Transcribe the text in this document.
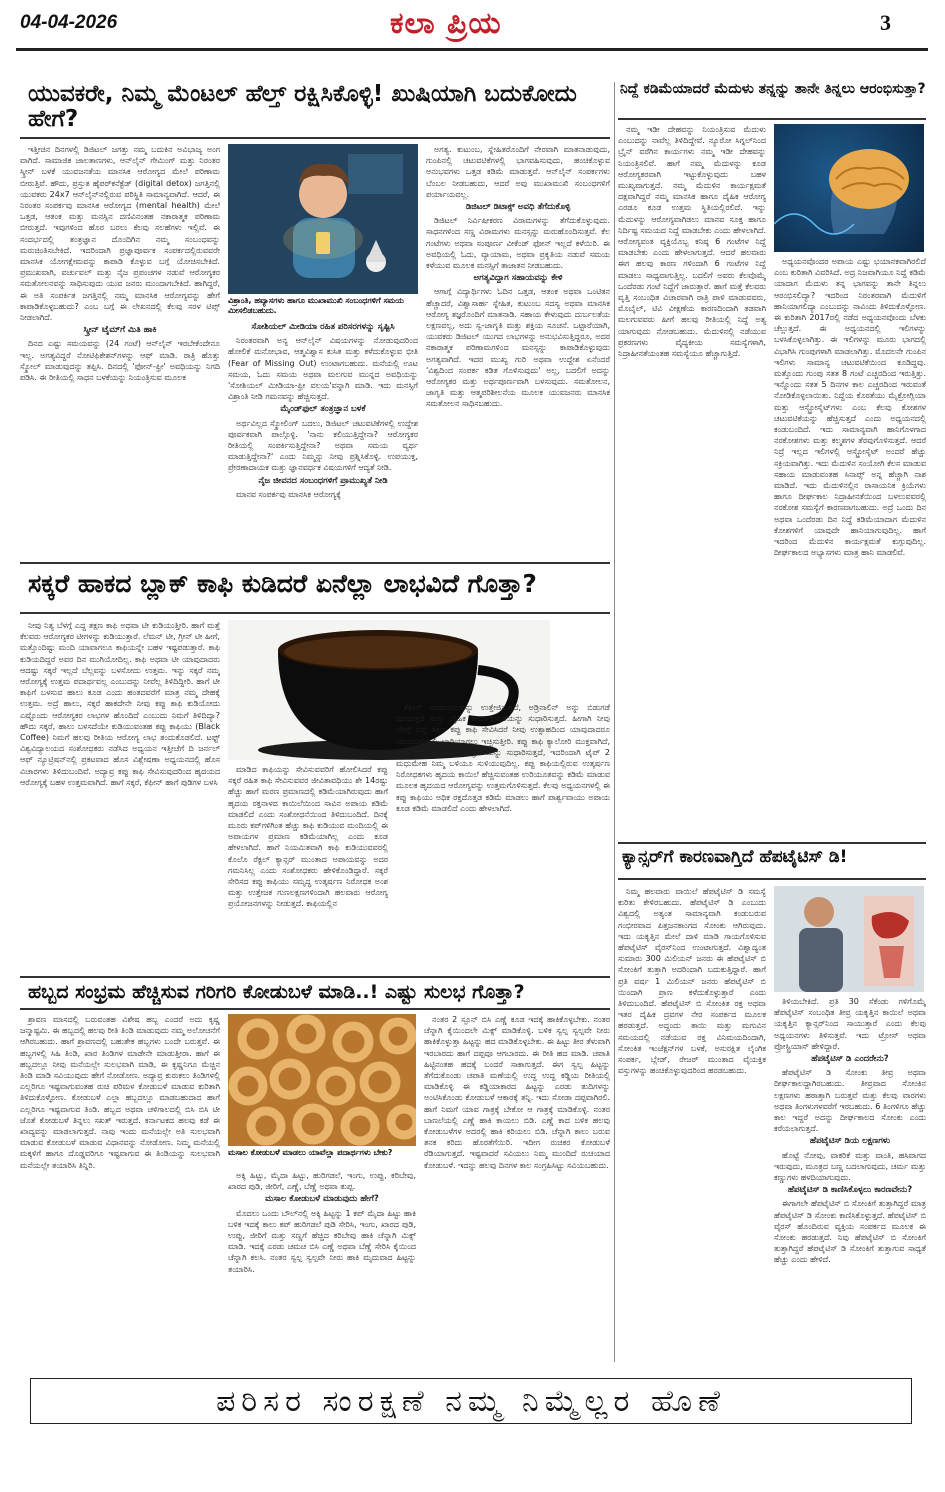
04-04-2026	ಕಲಾ ಪ್ರಿಯ	3
ಯುವಕರೇ, ನಿಮ್ಮ ಮೆಂಟಲ್ ಹೆಲ್ತ್ ರಕ್ಷಿಸಿಕೊಳ್ಳಿ! ಖುಷಿಯಾಗಿ ಬದುಕೋದು ಹೇಗೆ?

ಇತ್ತೀಚಿನ ದಿನಗಳಲ್ಲಿ ಡಿಜಿಟಲ್ ಜಗತ್ತು ನಮ್ಮ ಬದುಕಿನ ಅವಿಭಾಜ್ಯ ಅಂಗ ವಾಗಿದೆ. ಸಾಮಾಜಿಕ ಜಾಲತಾಣಗಳು, ಆನ್‌ಲೈನ್ ಗೇಮಿಂಗ್ ಮತ್ತು ನಿರಂತರ ಸ್ಕ್ರೀನ್ ಬಳಕೆ ಯುವಜನತೆಯ ಮಾನಸಿಕ ಆರೋಗ್ಯದ ಮೇಲೆ ಪರಿಣಾಮ ಬೀರುತ್ತಿವೆ. ಹೌದು, ಪ್ರಸ್ತುತ ಹೈಪರ್‌ಕನೆಕ್ಟೆಡ್ (digital detox) ಜಗತ್ತಿನಲ್ಲಿ ಯುವಕರು 24x7 ಆನ್‌ಲೈನ್‌ನಲ್ಲಿರುವ ಪರಿಸ್ಥಿತಿ ಸಾಮಾನ್ಯವಾಗಿದೆ. ಆದರೆ, ಈ ನಿರಂತರ ಸಂಪರ್ಕವು ಮಾನಸಿಕ ಆರೋಗ್ಯದ (mental health) ಮೇಲೆ ಒತ್ತಡ, ಆತಂಕ ಮತ್ತು ಮನಸ್ಸಿನ ದಣಿವಿನಂತಹ ನಕಾರಾತ್ಮಕ ಪರಿಣಾಮ ಬೀರುತ್ತದೆ. ಇವುಗಳಿಂದ ಹೊರ ಬರಲು ಕೆಲವು ಸಲಹೆಗಳು ಇಲ್ಲಿವೆ. ಈ ಸಂದರ್ಭದಲ್ಲಿ ತಂತ್ರಜ್ಞಾನ ದೊಂದಿಗಿನ ನಮ್ಮ ಸಂಬಂಧವನ್ನು ಮರುಚಿಂತಿಸಬೇಕಿದೆ. ಇದರಿಂದಾಗಿ ಪ್ರಜ್ಞಾಪೂರ್ವಕ ಸಂಪರ್ಕದಲ್ಲಿರುವವರೇ ಮಾನಸಿಕ ಯೋಗಕ್ಷೇಮವನ್ನು ಕಾಪಾಡಿ ಕೊಳ್ಳುವ ಬಗ್ಗೆ ಯೋಚಿಸಬೇಕಿದೆ. ಪ್ರಮುಖವಾಗಿ, ವರ್ಚುವಲ್ ಮತ್ತು ನೈಜ ಪ್ರಪಂಚಗಳ ನಡುವೆ ಆರೋಗ್ಯಕರ ಸಮತೋಲನವನ್ನು ಸಾಧಿಸುವುದು ಯುವ ಜನರು ಮುಂದಾಗಬೇಕಿದೆ. ಹಾಗಿದ್ದರೆ, ಈ ಅತಿ ಸಂಪರ್ಕಿತ ಜಗತ್ತಿನಲ್ಲಿ ನಮ್ಮ ಮಾನಸಿಕ ಆರೋಗ್ಯವನ್ನು ಹೇಗೆ ಕಾಪಾಡಿಕೊಳ್ಳಬಹುದು? ಎಂಬ ಬಗ್ಗೆ ಈ ಲೇಖನದಲ್ಲಿ ಕೆಲವು ಸರಳ ಟಿಪ್ಸ್ ನೀಡಲಾಗಿದೆ.

ಸ್ಕ್ರೀನ್ ಟೈಮ್‌ಗೆ ಮಿತಿ ಹಾಕಿ

ದಿನದ ಎಷ್ಟು ಸಮಯವನ್ನು (24 ಗಂಟೆ) ಆನ್‌ಲೈನ್ ಇರಬೇಕೆಂದೇನೂ ಇಲ್ಲ. ಅಗತ್ಯವಿದ್ದರೆ ನೋಟಿಫಿಕೇಶನ್‌ಗಳನ್ನು ಆಫ್ ಮಾಡಿ. ರಾತ್ರಿ ಹೊತ್ತು ಸ್ಕ್ರೋಲ್ ಮಾಡುವುದನ್ನು ತಪ್ಪಿಸಿ. ದಿನದಲ್ಲಿ 'ಫೋನ್-ಫ್ರೀ' ಅವಧಿಯನ್ನು ನಿಗದಿ ಪಡಿಸಿ. ಈ ರೀತಿಯಲ್ಲಿ ಸಾಧನ ಬಳಕೆಯನ್ನು ನಿಯಂತ್ರಿಸುವ ಮೂಲಕ

ವಿಶ್ರಾಂತಿ, ಹವ್ಯಾಸಗಳು ಹಾಗೂ ಮುಖಾಮುಖಿ ಸಂಬಂಧಗಳಿಗೆ ಸಮಯ ಮೀಸಲಿಡಬಹುದು.
ಸೋಶಿಯಲ್ ಮೀಡಿಯಾ ರಹಿತ ಪರಿಸರಗಳನ್ನು ಸೃಷ್ಟಿಸಿ

ನಿರಂತರವಾಗಿ ಅನ್ಯ ಆನ್‌ಲೈನ್ ವಿಷಯಗಳನ್ನು ನೋಡುವುದರಿಂದ ಹೋಲಿಕೆ ಮನೋಭಾವ, ಆತ್ಮವಿಶ್ವಾಸ ಕುಸಿತ ಮತ್ತು ಕಳೆದುಕೊಳ್ಳುವ ಭೀತಿ (Fear of Missing Out) ಉಂಟಾಗಬಹುದು. ಮನೆಯಲ್ಲಿ ಊಟ ಸಮಯ, ಓದು ಸಮಯ ಅಥವಾ ಮಲಗುವ ಮುನ್ನದ ಅವಧಿಯನ್ನು 'ಸೋಶಿಯಲ್ ಮೀಡಿಯಾ-ಫ್ರೀ ವಲಯ'ವನ್ನಾಗಿ ಮಾಡಿ. ಇದು ಮನಸ್ಸಿಗೆ ವಿಶ್ರಾಂತಿ ನೀಡಿ ಗಮನವನ್ನು ಹೆಚ್ಚಿಸುತ್ತದೆ.

ಮೈಂಡ್‌ಫುಲ್ ತಂತ್ರಜ್ಞಾನ ಬಳಕೆ

ಅರ್ಥವಿಲ್ಲದ ಸ್ಕ್ರೋಲಿಂಗ್ ಬದಲು, ಡಿಜಿಟಲ್ ಚಟುವಟಿಕೆಗಳಲ್ಲಿ ಉದ್ದೇಶ ಪೂರ್ವಕವಾಗಿ ಪಾಲ್ಗೊಳ್ಳಿ. 'ನಾನು ಕಲಿಯುತ್ತಿದ್ದೇನಾ? ಆರೋಗ್ಯಕರ ರೀತಿಯಲ್ಲಿ ಸಂಪರ್ಕಿಸುತ್ತಿದ್ದೇನಾ? ಅಥವಾ ಸಮಯ ವ್ಯರ್ಥ ಮಾಡುತ್ತಿದ್ದೇನಾ?' ಎಂದು ನಿಮ್ಮನ್ನು ನೀವು ಪ್ರಶ್ನಿಸಿಕೊಳ್ಳಿ. ಉಪಯುಕ್ತ, ಪ್ರೇರಣಾದಾಯಕ ಮತ್ತು ಜ್ಞಾನವರ್ಧಕ ವಿಷಯಗಳಿಗೆ ಆದ್ಯತೆ ನೀಡಿ.

ನೈಜ ಜೀವನದ ಸಂಬಂಧಗಳಿಗೆ ಪ್ರಾಮುಖ್ಯತೆ ನೀಡಿ

ಮಾನವ ಸಂಪರ್ಕವು ಮಾನಸಿಕ ಆರೋಗ್ಯಕ್ಕೆ

ಅಗತ್ಯ. ಕುಟುಂಬ, ಸ್ನೇಹಿತರೊಂದಿಗೆ ನೇರವಾಗಿ ಮಾತನಾಡುವುದು, ಗುಂಪಿನಲ್ಲಿ ಚಟುವಟಿಕೆಗಳಲ್ಲಿ ಭಾಗವಹಿಸುವುದು, ಹಂಚಿಕೊಳ್ಳುವ ಅನುಭವಗಳು ಒತ್ತಡ ಕಡಿಮೆ ಮಾಡುತ್ತವೆ. ಆನ್‌ಲೈನ್ ಸಂಪರ್ಕಗಳು ಬೆಂಬಲ ನೀಡಬಹುದು, ಆದರೆ ಅವು ಮುಖಾಮುಖಿ ಸಂಬಂಧಗಳಿಗೆ ಪರ್ಯಾಯವಲ್ಲ.

ಡಿಜಿಟಲ್ ಡಿಟಾಕ್ಸ್ ಅವಧಿ ತೆಗೆದುಕೊಳ್ಳಿ

ಡಿಜಿಟಲ್ ನಿರ್ವಿಷೀಕರಣ ವಿರಾಮಗಳನ್ನು ತೆಗೆದುಕೊಳ್ಳುವುದು. ಸಾಧನಗಳಿಂದ ಸಣ್ಣ ವಿರಾಮಗಳು ಮನಸ್ಸನ್ನು ಮರುಹೊಂದಿಸುತ್ತವೆ. ಕೆಲ ಗಂಟೆಗಳು ಅಥವಾ ಸಂಪೂರ್ಣ ವೀಕೆಂಡ್ ಫೋನ್ ಇಲ್ಲದೆ ಕಳೆಯಿರಿ. ಈ ಅವಧಿಯಲ್ಲಿ ಓದು, ವ್ಯಾಯಾಮ, ಅಥವಾ ಪ್ರಕೃತಿಯ ನಡುವೆ ಸಮಯ ಕಳೆಯುವ ಮೂಲಕ ಮನಸ್ಸಿಗೆ ತಾಜಾತನ ನೀಡಬಹುದು.

ಅಗತ್ಯವಿದ್ದಾಗ ಸಹಾಯವನ್ನು ಕೇಳಿ

ಆಗಾಗ್ಗೆ ವಿದ್ಯಾರ್ಥಿಗಳು ಓದಿನ ಒತ್ತಡ, ಆತಂಕ ಅಥವಾ ಒಂಟಿತನ ಹೆಚ್ಚಾದರೆ, ವಿಶ್ವಾಸಾರ್ಹ ಸ್ನೇಹಿತ, ಕುಟುಂಬ ಸದಸ್ಯ ಅಥವಾ ಮಾನಸಿಕ ಆರೋಗ್ಯ ತಜ್ಞರೊಂದಿಗೆ ಮಾತನಾಡಿ. ಸಹಾಯ ಕೇಳುವುದು ದುರ್ಬಲತೆಯ ಲಕ್ಷಣವಲ್ಲ, ಅದು ಸ್ವ-ಜಾಗೃತಿ ಮತ್ತು ಶಕ್ತಿಯ ಸೂಚನೆ. ಒಟ್ಟಾರೆಯಾಗಿ, ಯುವಕರು ಡಿಜಿಟಲ್ ಯುಗದ ಲಾಭಗಳನ್ನು ಅನುಭವಿಸುತ್ತಿದ್ದರೂ, ಅದರ ನಕಾರಾತ್ಮಕ ಪರಿಣಾಮಗಳಿಂದ ಮನಸ್ಸನ್ನು ಕಾಪಾಡಿಕೊಳ್ಳುವುದು ಅಗತ್ಯವಾಗಿದೆ. ಇದರ ಮುಖ್ಯ ಗುರಿ ಅಥವಾ ಉದ್ದೇಶ ಏನೆಂದರೆ 'ವಿಶ್ವದಿಂದ ಸಂಪರ್ಕ ಕಡಿತ ಗೊಳಿಸುವುದು' ಅಲ್ಲ, ಬದಲಿಗೆ ಅದನ್ನು ಆರೋಗ್ಯಕರ ಮತ್ತು ಅರ್ಥಪೂರ್ಣವಾಗಿ ಬಳಸುವುದು. ಸಮತೋಲನ, ಜಾಗೃತಿ ಮತ್ತು ಆತ್ಮಪರಿಶೀಲನೆಯ ಮೂಲಕ ಯುವಜನರು ಮಾನಸಿಕ ಸಮತೋಲನ ಸಾಧಿಸಬಹುದು.

ನಿದ್ದೆ ಕಡಿಮೆಯಾದರೆ ಮೆದುಳು ತನ್ನನ್ನು ತಾನೇ ತಿನ್ನಲು ಆರಂಭಿಸುತ್ತಾ?

ನಮ್ಮ ಇಡೀ ದೇಹವನ್ನು ನಿಯಂತ್ರಿಸುವ ಮೆದುಳು ಎಂಬುದನ್ನು ನಾವೆಲ್ಲ ತಿಳಿದಿದ್ದೇವೆ. ನ್ಯೂರೋ ಸಿಗ್ನಲ್‌ನಿಂದ ಬ್ರೈನ್ ವರೆಗಿನ ಕಾರ್ಯಗಳು ನಮ್ಮ ಇಡೀ ದೇಹವನ್ನು ನಿಯಂತ್ರಿಸಲಿವೆ. ಹಾಗೆ ನಮ್ಮ ಮೆದುಳನ್ನು ಕೂಡ ಆರೋಗ್ಯಕರವಾಗಿ ಇಟ್ಟುಕೊಳ್ಳುವುದು ಬಹಳ ಮುಖ್ಯವಾಗುತ್ತದೆ. ನಮ್ಮ ಮೆದುಳಿನ ಕಾರ್ಯಕ್ಷಮತೆ ದಕ್ಷವಾಗಿದ್ದರೆ ನಮ್ಮ ಮಾನಸಿಕ ಹಾಗೂ ದೈಹಿಕ ಆರೋಗ್ಯ ಎರಡೂ ಕೂಡ ಉತ್ತಮ ಸ್ಥಿತಿಯಲ್ಲಿರಲಿದೆ. ಇನ್ನು ಮೆದುಳನ್ನು ಆರೋಗ್ಯವಾಗಿಡಲು ಮಾನವ ಸೂಕ್ತ ಹಾಗೂ ನಿರ್ದಿಷ್ಟ ಸಮಯದ ನಿದ್ದೆ ಮಾಡಬೇಕು ಎಂದು ಹೇಳಲಾಗಿದೆ. ಆರೋಗ್ಯವಂತ ವ್ಯಕ್ತಿಯೊಬ್ಬ ಕನಿಷ್ಠ 6 ಗಂಟೆಗಳ ನಿದ್ದೆ ಮಾಡಬೇಕು ಎಂದು ಹೇಳಲಾಗುತ್ತದೆ. ಆದರೆ ಹಲವಾರು ಈಗ ಹಲವು ಕಾರಣ ಗಳಿಂದಾಗಿ 6 ಗಂಟೆಗಳ ನಿದ್ದೆ ಮಾಡಲು ಸಾಧ್ಯವಾಗುತ್ತಿಲ್ಲ. ಬದಲಿಗೆ ಅವರು ಕೆಲವೊಮ್ಮೆ ಒಂದೆರಡು ಗಂಟೆ ನಿದ್ದೆಗೆ ಜಾರುತ್ತಾರೆ. ಹಾಗೆ ಮತ್ತೆ ಕೆಲವರು ವೃತ್ತಿ ಸಂಬಂಧಿತ ವಿಚಾರವಾಗಿ ರಾತ್ರಿ ಪಾಳಿ ಮಾಡುವವರು, ಮೊಬೈಲ್, ಟಿವಿ ವೀಕ್ಷಣೆಯ ಕಾರಣದಿಂದಾಗಿ ತಡವಾಗಿ ಮಲಗುವವರು ಹೀಗೆ ಹಲವು ರೀತಿಯಲ್ಲಿ ನಿದ್ದೆ ಅತ್ಯ ಯಾಗುವುದು ನೋಡಬಹುದು. ಮೆದುಳಿನಲ್ಲಿ ನಡೆಯುವ ಪ್ರಕರಣಗಳು ವೈದ್ಯಕೀಯ ಸಮಸ್ಯೆಗಳಾಗಿ, ನಿದ್ರಾಹೀನತೆಯಂತಹ ಸಮಸ್ಯೆಯೂ ಹೆಚ್ಚಾಗುತ್ತಿದೆ.

ಅಧ್ಯಯನವೊಂದರ ಅಪಾಯ ಎಷ್ಟು ಭಯಾನಕವಾಗಿರಲಿದೆ ಎಂಬ ಕುರಿತಾಗಿ ವಿವರಿಸಿದೆ. ಅದ್ರ ನಿಜವಾಗಿಯೂ ನಿದ್ದೆ ಕಡಿಮೆ ಯಾದಾಗ ಮೆದುಳು ತನ್ನ ಭಾಗವನ್ನು ತಾನೇ ತಿನ್ನಲು ಆರಂಭಿಸಲಿದ್ಯಾ? ಇದರಿಂದ ನಿರಂತರವಾಗಿ ಮೆದುಳಿಗೆ ಹಾನಿಯಾಗಲಿದ್ಯಾ ಎಂಬುದನ್ನು ನಾವಿಂದು ತಿಳಿದುಕೊಳ್ಳೋಣ. ಈ ಕುರಿತಾಗಿ 2017ರಲ್ಲಿ ನಡೆದ ಅಧ್ಯಯನವೊಂದು ಬೆಳಕು ಚೆಲ್ಲುತ್ತದೆ. ಈ ಅಧ್ಯಯನದಲ್ಲಿ ಇಲಿಗಳನ್ನು ಬಳಸಿಕೊಳ್ಳಲಾಗಿತ್ತು. ಈ ಇಲಿಗಳನ್ನು ಮೂರು ಭಾಗದಲ್ಲಿ ವಿಭಾಗಿಸಿ ಗುಂಪುಗಳಾಗಿ ಮಾಡಲಾಗಿತ್ತು. ಮೊದಲನೇ ಗುಂಪಿನ ಇಲಿಗಳು ಸಾಮಾನ್ಯ ಚಟುವಟಿಕೆಯಿಂದ ಕೂಡಿದ್ದವು. ಮತ್ತೊಂದು ಗುಂಪು ಸತತ 8 ಗಂಟೆ ಎಚ್ಚರದಿಂದ ಇರುತ್ತಿತ್ತು. ಇನ್ನೊಂದು ಸತತ 5 ದಿನಗಳ ಕಾಲ ಎಚ್ಚರದಿಂದ ಇರುವಂತೆ ನೋಡಿಕೊಳ್ಳಲಾಯಿತು. ನಿದ್ದೆಯ ಕೊರತೆಯು ಮೈಕ್ರೋಗ್ಲಿಯಾ ಮತ್ತು ಆಸ್ಟ್ರೋಸೈಟ್‌ಗಳು ಎಂಬ ಕೆಲವು ಕೋಶಗಳ ಚಟುವಟಿಕೆಯನ್ನು ಹೆಚ್ಚಿಸುತ್ತದೆ ಎಂದು ಅಧ್ಯಯನದಲ್ಲಿ ಕಂಡುಬಂದಿದೆ. ಇದು ಸಾಮಾನ್ಯವಾಗಿ ಹಾನಿಗೊಳಗಾದ ನರಕೋಶಗಳು ಮತ್ತು ಕಲ್ಮಶಗಳ ತೆರವುಗೊಳಿಸುತ್ತದೆ. ಆದರೆ ನಿದ್ರೆ ಇಲ್ಲದ ಇಲಿಗಳಲ್ಲಿ ಆಸ್ಟ್ರೋಸೈಟ್ ಅಂದರೆ ಹೆಚ್ಚು ಸಕ್ರಿಯವಾಗಿತ್ತು. ಇದು ಮೆದುಳಿನ ಸಂಯೋಗಿ ಕೆಲಸ ಮಾಡುವ ಸಹಾಯ ಮಾಡುವಂತಹ ಸಿನಾಪ್ಸ್ ಅನ್ನ ಹೆಚ್ಚಾಗಿ ನಾಶ ಮಾಡಿದೆ. ಇದು ಮೆದುಳಿನಲ್ಲಿನ ರಾಸಾಯನಿಕ ಕ್ರಿಯೆಗಳು ಹಾಗೂ ದೀರ್ಘಕಾಲ ನಿದ್ರಾಹೀನತೆಯಿಂದ ಬಳಲುವವರಲ್ಲಿ ನರಕೋಶ ಸಮಸ್ಯೆಗೆ ಕಾರಣವಾಗಬಹುದು. ಅದ್ರೆ ಒಂದು ದಿನ ಅಥವಾ ಒಂದೆರಡು ದಿನ ನಿದ್ದೆ ಕಡಿಮೆಯಾದಾಗ ಮೆದುಳಿನ ಕೋಶಗಳಿಗೆ ಯಾವುದೇ ಹಾನಿಯಾಗುವುದಿಲ್ಲ. ಹಾಗೆ ಇದರಿಂದ ಮೆದುಳಿನ ಕಾರ್ಯಕ್ಷಮತೆ ಕುಗ್ಗುವುದಿಲ್ಲ. ದೀರ್ಘಕಾಲದ ಅಭ್ಯಾಸಗಳು ಮಾತ್ರ ಹಾನಿ ಮಾಡಲಿವೆ.

ಸಕ್ಕರೆ ಹಾಕದ ಬ್ಲಾಕ್ ಕಾಫಿ ಕುಡಿದರೆ ಏನೆಲ್ಲಾ ಲಾಭವಿದೆ ಗೊತ್ತಾ?

ನೀವು ನಿತ್ಯ ಬೆಳಗ್ಗೆ ಎದ್ದ ತಕ್ಷಣ ಕಾಫಿ ಅಥವಾ ಟೀ ಕುಡಿಯುತ್ತೀರಿ. ಹಾಗೆ ಮತ್ತೆ ಕೆಲವರು ಆರೋಗ್ಯಕರ ಟೀಗಳನ್ನು ಕುಡಿಯುತ್ತಾರೆ. ಲೆಮನ್ ಟೀ, ಗ್ರೀನ್ ಟೀ ಹೀಗೆ, ಮತ್ತೊಂದಿಷ್ಟು ಮಂದಿ ಯಾವಾಗಲೂ ಕಾಫಿಯನ್ನೇ ಬಹಳ ಇಷ್ಟಪಡುತ್ತಾರೆ. ಕಾಫಿ ಕುಡಿಯದಿದ್ದರೆ ಅವರ ದಿನ ಮುಗಿಯೋದಿಲ್ಲ. ಕಾಫಿ ಅಥವಾ ಟೀ ಯಾವುದಾದರು ಆದಷ್ಟು ಸಕ್ಕರೆ ಇಲ್ಲದೆ ಬೆಲ್ಲವನ್ನು ಬಳಸೋದು ಉತ್ತಮ. ಇನ್ನು ಸಕ್ಕರೆ ನಮ್ಮ ಆರೋಗ್ಯಕ್ಕೆ ಉತ್ತಮ ಪದಾರ್ಥವಲ್ಲ ಎಂಬುದನ್ನು ನೀವೆಲ್ಲ ತಿಳಿದಿದ್ದೀರಿ. ಹಾಗೆ ಟೀ ಕಾಫಿಗೆ ಬಳಸುವ ಹಾಲು ಕೂಡ ಎಂದು ಹಂತದವರೆಗೆ ಮಾತ್ರ ನಮ್ಮ ದೇಹಕ್ಕೆ ಉತ್ತಮ. ಅದ್ರೆ ಹಾಲು, ಸಕ್ಕರೆ ಹಾಕದೇನೇ ನೀವು ಕಪ್ಪು ಕಾಫಿ ಕುಡಿಯೋದು ಎಷ್ಟೊಂದು ಆರೋಗ್ಯಕರ ಲಾಭಗಳ ಹೊಂದಿದೆ ಎಂಬುದು ನಿಮಗೆ ತಿಳಿದಿದ್ಯಾ? ಹೌದು ಸಕ್ಕರೆ, ಹಾಲು ಬಳಸದೆಯೇ ಕುಡಿಯುವಂತಹ ಕಪ್ಪು ಕಾಫಿಯು (Black Coffee) ನಿಮಗೆ ಹಲವು ರೀತಿಯ ಆರೋಗ್ಯ ಲಾಭ ತಂದುಕೊಡಲಿದೆ. ಟಫ್ಟ್ ವಿಶ್ವವಿದ್ಯಾಲಯದ ಸಂಶೋಧಕರು ನಡೆಸಿದ ಅಧ್ಯಯನ ಇತ್ತೀಚೆಗೆ ದಿ ಜರ್ನಲ್ ಆಫ್ ನ್ಯೂಟ್ರಿಷನ್‌ನಲ್ಲಿ ಪ್ರಕಟವಾದ ಹೊಸ ವಿಶ್ಲೇಷಣಾ ಅಧ್ಯಯನದಲ್ಲಿ ಹೊಸ ವಿಚಾರಗಳು ತಿಳಿದುಬಂದಿವೆ. ಅದ್ಯಾವ್ರ ಕಪ್ಪು ಕಾಫಿ ಸೇವಿಸುವುದರಿಂದ ಹೃದಯದ ಆರೋಗ್ಯಕ್ಕೆ ಬಹಳ ಉತ್ತಮವಾಗಿದೆ. ಹಾಗೆ ಸಕ್ಕರೆ, ಕೆಫೀನ್ ಹಾಗೆ ಪುಡಿಗಳ ಬಳಸಿ

ಮಾಡಿದ ಕಾಫಿಯನ್ನು ಸೇವಿಸುವವರಿಗೆ ಹೋಲಿಸಿದರೆ ಕಪ್ಪು ಸಕ್ಕರೆ ರಹಿತ ಕಾಫಿ ಸೇವಿಸುವವರ ಜೀವಿತಾವಧಿಯು ಶೇ 14ರಷ್ಟು ಹೆಚ್ಚು ಹಾಗೆ ಮರಣ ಪ್ರಮಾಣದಲ್ಲಿ ಕಡಿಮೆಯಾಗಿರುವುದು ಹಾಗೆ ಹೃದಯ ರಕ್ತನಾಳದ ಕಾಯಿಲೆಯಿಂದ ಸಾವಿನ ಅಪಾಯ ಕಡಿಮೆ ಮಾಡಲಿದೆ ಎಂದು ಸಂಶೋಧನೆಯಿಂದ ತಿಳಿದುಬಂದಿದೆ. ದಿನಕ್ಕೆ ಮೂರು ಕಪ್‌ಗಳಿಗಿಂತ ಹೆಚ್ಚು ಕಾಫಿ ಕುಡಿಯುವ ಮಂದಿಯಲ್ಲಿ ಈ ಅಪಾಯಗಳ ಪ್ರಮಾಣ ಕಡಿಮೆಯಾಗಿಲ್ಲ ಎಂದು ಕೂಡ ಹೇಳಲಾಗಿದೆ. ಹಾಗೆ ನಿಯಮಿತವಾಗಿ ಕಾಫಿ ಕುಡಿಯುವವರಲ್ಲಿ ಕೊಲೊ ರೆಕ್ಟಲ್ ಕ್ಯಾನ್ಸರ್ ಮುಂತಾದ ಅಪಾಯವನ್ನು ಅದರ ಗಮನಿಸಿಲ್ಲ ಎಂದು ಸಂಶೋಧಕರು ಹೇಳಿಕೊಂಡಿದ್ದಾರೆ. ಸಕ್ಕರೆ ಸೇರಿಸದ ಕಪ್ಪು ಕಾಫಿಯು ಸಮೃದ್ಧ ಉತ್ಕರ್ಷಣ ನಿರೋಧಕ ಅಂಶ ಮತ್ತು ಉತ್ತೇಜಕ ಗುಣಲಕ್ಷಣಗಳಿಂದಾಗಿ ಹಲವಾರು ಆರೋಗ್ಯ ಪ್ರಯೋಜನಗಳನ್ನು ನೀಡುತ್ತದೆ. ಕಾಫಿಯಲ್ಲಿನ

ಕೆಫೀನ್ ನರಮಂಡಲವನ್ನು ಉತ್ತೇಜಿಸುತ್ತದೆ, ಅಡ್ರಿನಾಲಿನ್ ಅನ್ನು ಬಿಡುಗಡೆ ಮಾಡುತ್ತದೆ ಮತ್ತು ದೈಹಿಕ ಕಾರ್ಯಕ್ಷಮತೆಯನ್ನು ಸುಧಾರಿಸುತ್ತದೆ. ಹೀಗಾಗಿ ನೀವು ಬೆಳಗ್ಗೆ ಎದ್ದ ತಕ್ಷಣ ಕಪ್ಪು ಕಾಫಿ ಸೇವಿಸಿದರೆ ನೀವು ಉತ್ಸಾಹದಿಂದ ಯಾವುದಾದರೂ ಚಟುವಟಿಕೆಯಲ್ಲಿ ಭಾಗಿಯಾಗಲು ಇಚ್ಛಿಸುತ್ತೀರಿ. ಕಪ್ಪು ಕಾಫಿ ಕ್ಯಾಲೋರಿ ಮುಕ್ತವಾಗಿದೆ, ಇದು ನಿಮ್ಮ ಚಯಾಪಚಯ ಕ್ರಿಯೆಯನ್ನು ಸುಧಾರಿಸುತ್ತದೆ, ಇದರಿಂದಾಗಿ ಟೈಪ್ 2 ಮಧುಮೇಹ ನಿಮ್ಮ ಬಳಿಯೂ ಸುಳಿಯುವುದಿಲ್ಲ. ಕಪ್ಪು ಕಾಫಿಯಲ್ಲಿರುವ ಉತ್ಕರ್ಷಣ ನಿರೋಧಕಗಳು ಹೃದಯ ಕಾಯಿಲೆ ಹೆಚ್ಚಿಸುವಂತಹ ಉರಿಯೂತವನ್ನು ಕಡಿಮೆ ಮಾಡುವ ಮೂಲಕ ಹೃದಯದ ಆರೋಗ್ಯವನ್ನು ಉತ್ತಮಗೊಳಿಸುತ್ತದೆ. ಕೆಲವು ಅಧ್ಯಯನಗಳಲ್ಲಿ ಈ ಕಪ್ಪು ಕಾಫಿಯು ಅಧಿಕ ರಕ್ತದೊತ್ತಡ ಕಡಿಮೆ ಮಾಡಲು ಹಾಗೆ ಪಾರ್ಶ್ವವಾಯು ಅಪಾಯ ಕೂಡ ಕಡಿಮೆ ಮಾಡಲಿದೆ ಎಂದು ಹೇಳಲಾಗಿದೆ.

ಕ್ಯಾನ್ಸರ್‌ಗೆ ಕಾರಣವಾಗ್ತಿದೆ ಹೆಪಟೈಟಿಸ್ ಡಿ!

ನಿಮ್ಮ ಹಲವಾರು ವಾಯಿಲೆ ಹೆಪಟೈಟಿಸ್ ಡಿ ಸಮಸ್ಯೆ ಕುರಿತು ಕೇಳಿರಬಹುದು. ಹೆಪಟೈಟಿಸ್ ಡಿ ಎಂಬುದು ವಿಶ್ವದಲ್ಲಿ ಅತ್ಯಂತ ಸಾಮಾನ್ಯವಾಗಿ ಕಂಡುಬರುವ ಗಂಭೀರವಾದ ಪಿತ್ತಜನಕಾಂಗದ ಸೋಂಕು ಆಗಿರುವುದು. ಇದು ಯಕೃತ್ತಿನ ಮೇಲೆ ದಾಳಿ ಮಾಡಿ ಗಾಯಗೊಳಿಸುವ ಹೆಪಟೈಟಿಸ್ ವೈರಸ್‌ನಿಂದ ಉಂಟಾಗುತ್ತದೆ. ವಿಶ್ವಾದ್ಯಂತ ಸುಮಾರು 300 ಮಿಲಿಯನ್ ಜನರು ಈ ಹೆಪಟೈಟಿಸ್ ಬಿ ಸೋಂಕಿಗೆ ತುತ್ತಾಗಿ ಅದರಿಂದಾಗಿ ಬದುಕುತ್ತಿದ್ದಾರೆ. ಹಾಗೆ ಪ್ರತಿ ವರ್ಷ 1 ಮಿಲಿಯನ್ ಜನರು ಹೆಪಟೈಟಿಸ್ ಬಿ ಯಿಂದಾಗಿ ಪ್ರಾಣ ಕಳೆದುಕೊಳ್ಳುತ್ತಾರೆ ಎಂದು ತಿಳಿದುಬಂದಿದೆ. ಹೆಪಟೈಟಿಸ್ ಬಿ ಸೋಂಕಿತ ರಕ್ತ ಅಥವಾ ಇತರ ದೈಹಿಕ ದ್ರವಗಳ ನೇರ ಸಂಪರ್ಕದ ಮೂಲಕ ಹರಡುತ್ತದೆ. ಅದ್ದಂದು ತಾಯಿ ಮತ್ತು ಮಗುವಿನ ಸಮಯದಲ್ಲಿ ನಡೆಯುವ ರಕ್ತ ವಿನಿಮಯದಿಂದಾಗಿ, ಸೋಂಕಿತ ಇಂಜೆಕ್ಷನ್‌ಗಳ ಬಳಕೆ, ಅಸುರಕ್ಷಿತ ಲೈಂಗಿಕ ಸಂಪರ್ಕ, ಬ್ಲೇಡ್, ರೇಜರ್ ಮುಂತಾದ ವೈಯಕ್ತಿಕ ವಸ್ತುಗಳನ್ನು ಹಂಚಿಕೊಳ್ಳುವುದರಿಂದ ಹರಡಬಹುದು.

ತಿಳಿಯಬೇಕಿದೆ. ಪ್ರತಿ 30 ಸೆಕೆಂಡು ಗಳಿಗೊಮ್ಮೆ ಹೆಪಟೈಟಿಸ್ ಸಂಬಂಧಿತ ತೀವ್ರ ಯಕೃತ್ತಿನ ಕಾಯಿಲೆ ಅಥವಾ ಯಕೃತ್ತಿನ ಕ್ಯಾನ್ಸರ್‌ನಿಂದ ಸಾಯುತ್ತಾರೆ ಎಂದು ಕೆಲವು ಅಧ್ಯಯನಗಳು ತಿಳಿಸುತ್ತವೆ. ಇದು ಟ್ರೋಸ್ ಅಥವಾ ಪ್ರೋಸ್ಟ್ರಿಯಾಸ್ ಹೇಳಿದ್ದಾರೆ.

ಹೆಪಟೈಟಿಸ್ ಡಿ ಎಂದರೇನು?

ಹೆಪಟೈಟಿಸ್ ಡಿ ಸೋಂಕು ತೀವ್ರ ಅಥವಾ ದೀರ್ಘಕಾಲದ್ದಾಗಿರಬಹುದು. ತೀವ್ರವಾದ ಸೋಂಕಿನ ಲಕ್ಷಣಗಳು ಹಠಾತ್ತಾಗಿ ಬರುತ್ತವೆ ಮತ್ತು ಕೆಲವು ವಾರಗಳು ಅಥವಾ ತಿಂಗಳುಗಳವರೆಗೆ ಇರಬಹುದು. 6 ತಿಂಗಳಿಗೂ ಹೆಚ್ಚು ಕಾಲ ಇದ್ದರೆ ಅದನ್ನು ದೀರ್ಘಕಾಲದ ಸೋಂಕು ಎಂದು ಕರೆಯಲಾಗುತ್ತದೆ.

ಹೆಪಟೈಟಿಸ್ ಡಿಯ ಲಕ್ಷಣಗಳು

ಹೊಟ್ಟೆ ನೋವು, ವಾಕರಿಕೆ ಮತ್ತು ವಾಂತಿ, ಹಸಿವಾಗದ ಇರುವುದು, ಮೂತ್ರದ ಬಣ್ಣ ಬದಲಾಗುವುದು, ಚರ್ಮ ಮತ್ತು ಕಣ್ಣುಗಳು ಹಳದಿಯಾಗುವುದು.

ಹೆಪಟೈಟಿಸ್ ಡಿ ಕಾಣಿಸಿಕೊಳ್ಳಲು ಕಾರಣವೇನು?

ಈಗಾಗಲೇ ಹೆಪಟೈಟಿಸ್ ಬಿ ಸೋಂಕಿಗೆ ತುತ್ತಾಗಿದ್ದರೆ ಮಾತ್ರ ಹೆಪಟೈಟಿಸ್ ಡಿ ಸೋಂಕು ಕಾಣಿಸಿಕೊಳ್ಳುತ್ತದೆ. ಹೆಪಟೈಟಿಸ್ ಬಿ ವೈರಸ್ ಹೊಂದಿರುವ ವ್ಯಕ್ತಿಯ ಸಂಪರ್ಕದ ಮೂಲಕ ಈ ಸೋಂಕು ಹರಡುತ್ತದೆ. ನಿವು ಹೆಪಟೈಟಿಸ್ ಬಿ ಸೋಂಕಿಗೆ ತುತ್ತಾಗಿದ್ದರೆ ಹೆಪಟೈಟಿಸ್ ಡಿ ಸೋಂಕಿಗೆ ತುತ್ತಾಗುವ ಸಾಧ್ಯತೆ ಹೆಚ್ಚು ಎಂದು ಹೇಳಿದೆ.

ಹಬ್ಬದ ಸಂಭ್ರಮ ಹೆಚ್ಚಿಸುವ ಗರಿಗರಿ ಕೋಡುಬಳೆ ಮಾಡಿ..! ಎಷ್ಟು ಸುಲಭ ಗೊತ್ತಾ?

ಶ್ರಾವಣ ಮಾಸದಲ್ಲಿ ಬರುವಂತಹ ವಿಶೇಷ ಹಬ್ಬ ಎಂದರೆ ಅದು ಕೃಷ್ಣ ಜನ್ಮಾಷ್ಟಮಿ. ಈ ಹಬ್ಬದಲ್ಲಿ ಹಲವು ರೀತಿ ತಿಂಡಿ ಮಾಡುವುದು ನಮ್ಮ ಅಲೋಚನೆಗೆ ಆಗಿರಬಹುದು. ಹಾಗೆ ಶ್ರಾವಣದಲ್ಲಿ ಬಹುತೇಕ ಹಬ್ಬಗಳು ಬಂದೇ ಬರುತ್ತವೆ. ಈ ಹಬ್ಬಗಳಲ್ಲಿ ಸಿಹಿ ತಿಂಡಿ, ಖಾರ ತಿಂಡಿಗಳ ಮಾಡೇನೇ ಮಾಡುತ್ತೀರಾ. ಹಾಗೆ ಈ ಹಬ್ಬದಲ್ಲೂ ನೀವು ಮನೆಯಲ್ಲೇ ಸುಲಭವಾಗಿ ಮಾಡಿ, ಈ ಕೃಷ್ಣನಿಗೂ ಮೆಚ್ಚಿನ ತಿಂಡಿ ಮಾಡಿ ಸವಿಯುವುದು ಹೇಗೆ ನೋಡೋಣ. ಅದ್ಯಾವ್ರ ಕುರುಕಲು ತಿಂಡಿಗಳಲ್ಲಿ ಎಲ್ಲರಿಗೂ ಇಷ್ಟವಾಗುವಂತಹ ರುಚಿ ಪರಿಮಳ ಕೋಡುಬಳೆ ಮಾಡುವ ಕುರಿತಾಗಿ ತಿಳಿದುಕೊಳ್ಳೋಣ. ಕೋಡುಬಳೆ ಎಲ್ಲಾ ಹಬ್ಬದಲ್ಲೂ ಮಾಡಬಹುದಾದ ಹಾಗೆ ಎಲ್ಲರಿಗೂ ಇಷ್ಟವಾಗುವ ತಿಂಡಿ. ಹಬ್ಬದ ಅಥವಾ ಚಳಿಗಾಲದಲ್ಲಿ ಬಿಸಿ ಬಿಸಿ ಟೀ ಜೊತೆ ಕೋಡುಬಳೆ ತಿನ್ನಲು ಸಖತ್ ಇರುತ್ತದೆ. ಕರ್ನಾಟಕದ ಹಲವು ಕಡೆ ಈ ಖಾದ್ಯವನ್ನು ಮಾಡಲಾಗುತ್ತದೆ. ನಾವು ಇಂದು ಮನೆಯಲ್ಲೇ ಅತಿ ಸುಲಭವಾಗಿ ಮಾಡುವ ಕೋಡುಬಳೆ ಮಾಡುವ ವಿಧಾನವನ್ನು ನೋಡೋಣ. ನಿಮ್ಮ ಮನೆಯಲ್ಲಿ ಮಕ್ಕಳಿಗೆ ಹಾಗೂ ದೊಡ್ಡವರಿಗೂ ಇಷ್ಟವಾಗುವ ಈ ತಿಂಡಿಯನ್ನು ಸುಲಭವಾಗಿ ಮನೆಯಲ್ಲೇ ತಯಾರಿಸಿ ತಿನ್ನಿರಿ.

ಮಸಾಲ ಕೋಡುಬಳೆ ಮಾಡಲು ಯಾವೆಲ್ಲಾ ಪದಾರ್ಥಗಳು ಬೇಕು?

ಅಕ್ಕಿ ಹಿಟ್ಟು, ಮೈದಾ ಹಿಟ್ಟು, ಹುರಿಗಡಲೆ, ಇಂಗು, ಉಪ್ಪು, ಕರಿಬೇವು, ಖಾರದ ಪುಡಿ, ಜೀರಿಗೆ, ಎಣ್ಣೆ, ಬೆಣ್ಣೆ ಅಥವಾ ತುಪ್ಪ.

ಮಸಾಲ ಕೋಡುಬಳೆ ಮಾಡುವುದು ಹೇಗೆ?

ಮೊದಲು ಒಂದು ಬೌಲ್‌ನಲ್ಲಿ ಅಕ್ಕಿ ಹಿಟ್ಟನ್ನು 1 ಕಪ್ ಮೈದಾ ಹಿಟ್ಟು ಹಾಕಿ ಬಳಿಕ ಇದಕ್ಕೆ ಕಾಲು ಕಪ್ ಹುರಿಗಡಲೆ ಪುಡಿ ಸೇರಿಸಿ, ಇಂಗು, ಖಾರದ ಪುಡಿ, ಉಪ್ಪು, ಜೀರಿಗೆ ಮತ್ತು ಸಣ್ಣಗೆ ಹೆಚ್ಚಿದ ಕರಿಬೇವು ಹಾಕಿ ಚೆನ್ನಾಗಿ ಮಿಕ್ಸ್ ಮಾಡಿ. ಇದಕ್ಕೆ ಎರಡು ಚಮಚ ಬಿಸಿ ಎಣ್ಣೆ ಅಥವಾ ಬೆಣ್ಣೆ ಸೇರಿಸಿ ಕೈಯಿಂದ ಚೆನ್ನಾಗಿ ಕಲಸಿ. ನಂತರ ಸ್ವಲ್ಪ ಸ್ವಲ್ಪವೇ ನೀರು ಹಾಕಿ ಮೃದುವಾದ ಹಿಟ್ಟನ್ನು ತಯಾರಿಸಿ.

ನಂತರ 2 ಸ್ಪೂನ್ ಬಿಸಿ ಎಣ್ಣೆ ಕೂಡ ಇದಕ್ಕೆ ಹಾಕಿಕೊಳ್ಳಬೇಕು. ನಂತರ ಚೆನ್ನಾಗಿ ಕೈಯಿಂದಲೇ ಮಿಕ್ಸ್ ಮಾಡಿಕೊಳ್ಳಿ. ಬಳಿಕ ಸ್ವಲ್ಪ ಸ್ವಲ್ಪವೇ ನೀರು ಹಾಕಿಕೊಳ್ಳುತ್ತಾ ಹಿಟ್ಟನ್ನು ಹದ ಮಾಡಿಕೊಳ್ಳಬೇಕು. ಈ ಹಿಟ್ಟು ತೀರ ತೆಳುವಾಗಿ ಇರಬಾರದು ಹಾಗೆ ದಪ್ಪವೂ ಆಗಬಾರದು. ಈ ರೀತಿ ಹದ ಮಾಡಿ. ಚಪಾತಿ ಹಿಟ್ಟಿನಂತಹ ಹದಕ್ಕೆ ಬಂದರೆ ಸಾಕಾಗುತ್ತದೆ. ಈಗ ಸ್ವಲ್ಪ ಹಿಟ್ಟನ್ನು ತೆಗೆದುಕೊಂಡು ಚಪಾತಿ ಮಣೆಯಲ್ಲಿ ಉದ್ದ ಉದ್ದ ಕಡ್ಡಿಯ ರೀತಿಯಲ್ಲಿ ಮಾಡಿಕೊಳ್ಳಿ ಈ ಕಡ್ಡಿಯಾಕಾರದ ಹಿಟ್ಟನ್ನು ಎರಡು ತುದಿಗಳನ್ನು ಅಂಟಿಸಿಕೊಂಡು ಕೋಡುಬಳೆ ಆಕಾರಕ್ಕೆ ತನ್ನಿ. ಇದು ಸೋಡಾ ದಪ್ಪವಾಗಿರಲಿ. ಹಾಗೆ ನಿಮಗೆ ಯಾವ ಗಾತ್ರಕ್ಕೆ ಬೇಕೋ ಆ ಗಾತ್ರಕ್ಕೆ ಮಾಡಿಕೊಳ್ಳಿ. ನಂತರ ಬಾಣಲೆಯಲ್ಲಿ ಎಣ್ಣೆ ಹಾಕಿ ಕಾಯಲು ಬಿಡಿ. ಎಣ್ಣೆ ಕಾದ ಬಳಿಕ ಹಲವು ಕೋಡುಬಳೆಗಳ ಅದರಲ್ಲಿ ಹಾಕಿ ಕರಿಯಲು ಬಿಡಿ. ಚೆನ್ನಾಗಿ ಕಾಲು ಬರುವ ತನಕ ಕರಿದು ಹೊರತೆಗೆಯಿರಿ. ಇದೀಗ ರುಚಿಕರ ಕೋಡುಬಳೆ ರೆಡಿಯಾಗುತ್ತದೆ. ಇಷ್ಟವಾದರೆ ಸವಿಯಲು ನಿಮ್ಮ ಮುಂದಿದೆ ರುಚಿಯಾದ ಕೋಡುಬಳೆ. ಇದನ್ನು ಹಲವು ದಿನಗಳ ಕಾಲ ಸಂಗ್ರಹಿಸಿಟ್ಟು ಸವಿಯಬಹುದು.

ಪರಿಸರ ಸಂರಕ್ಷಣೆ ನಮ್ಮ ನಿಮ್ಮೆಲ್ಲರ ಹೊಣೆ
